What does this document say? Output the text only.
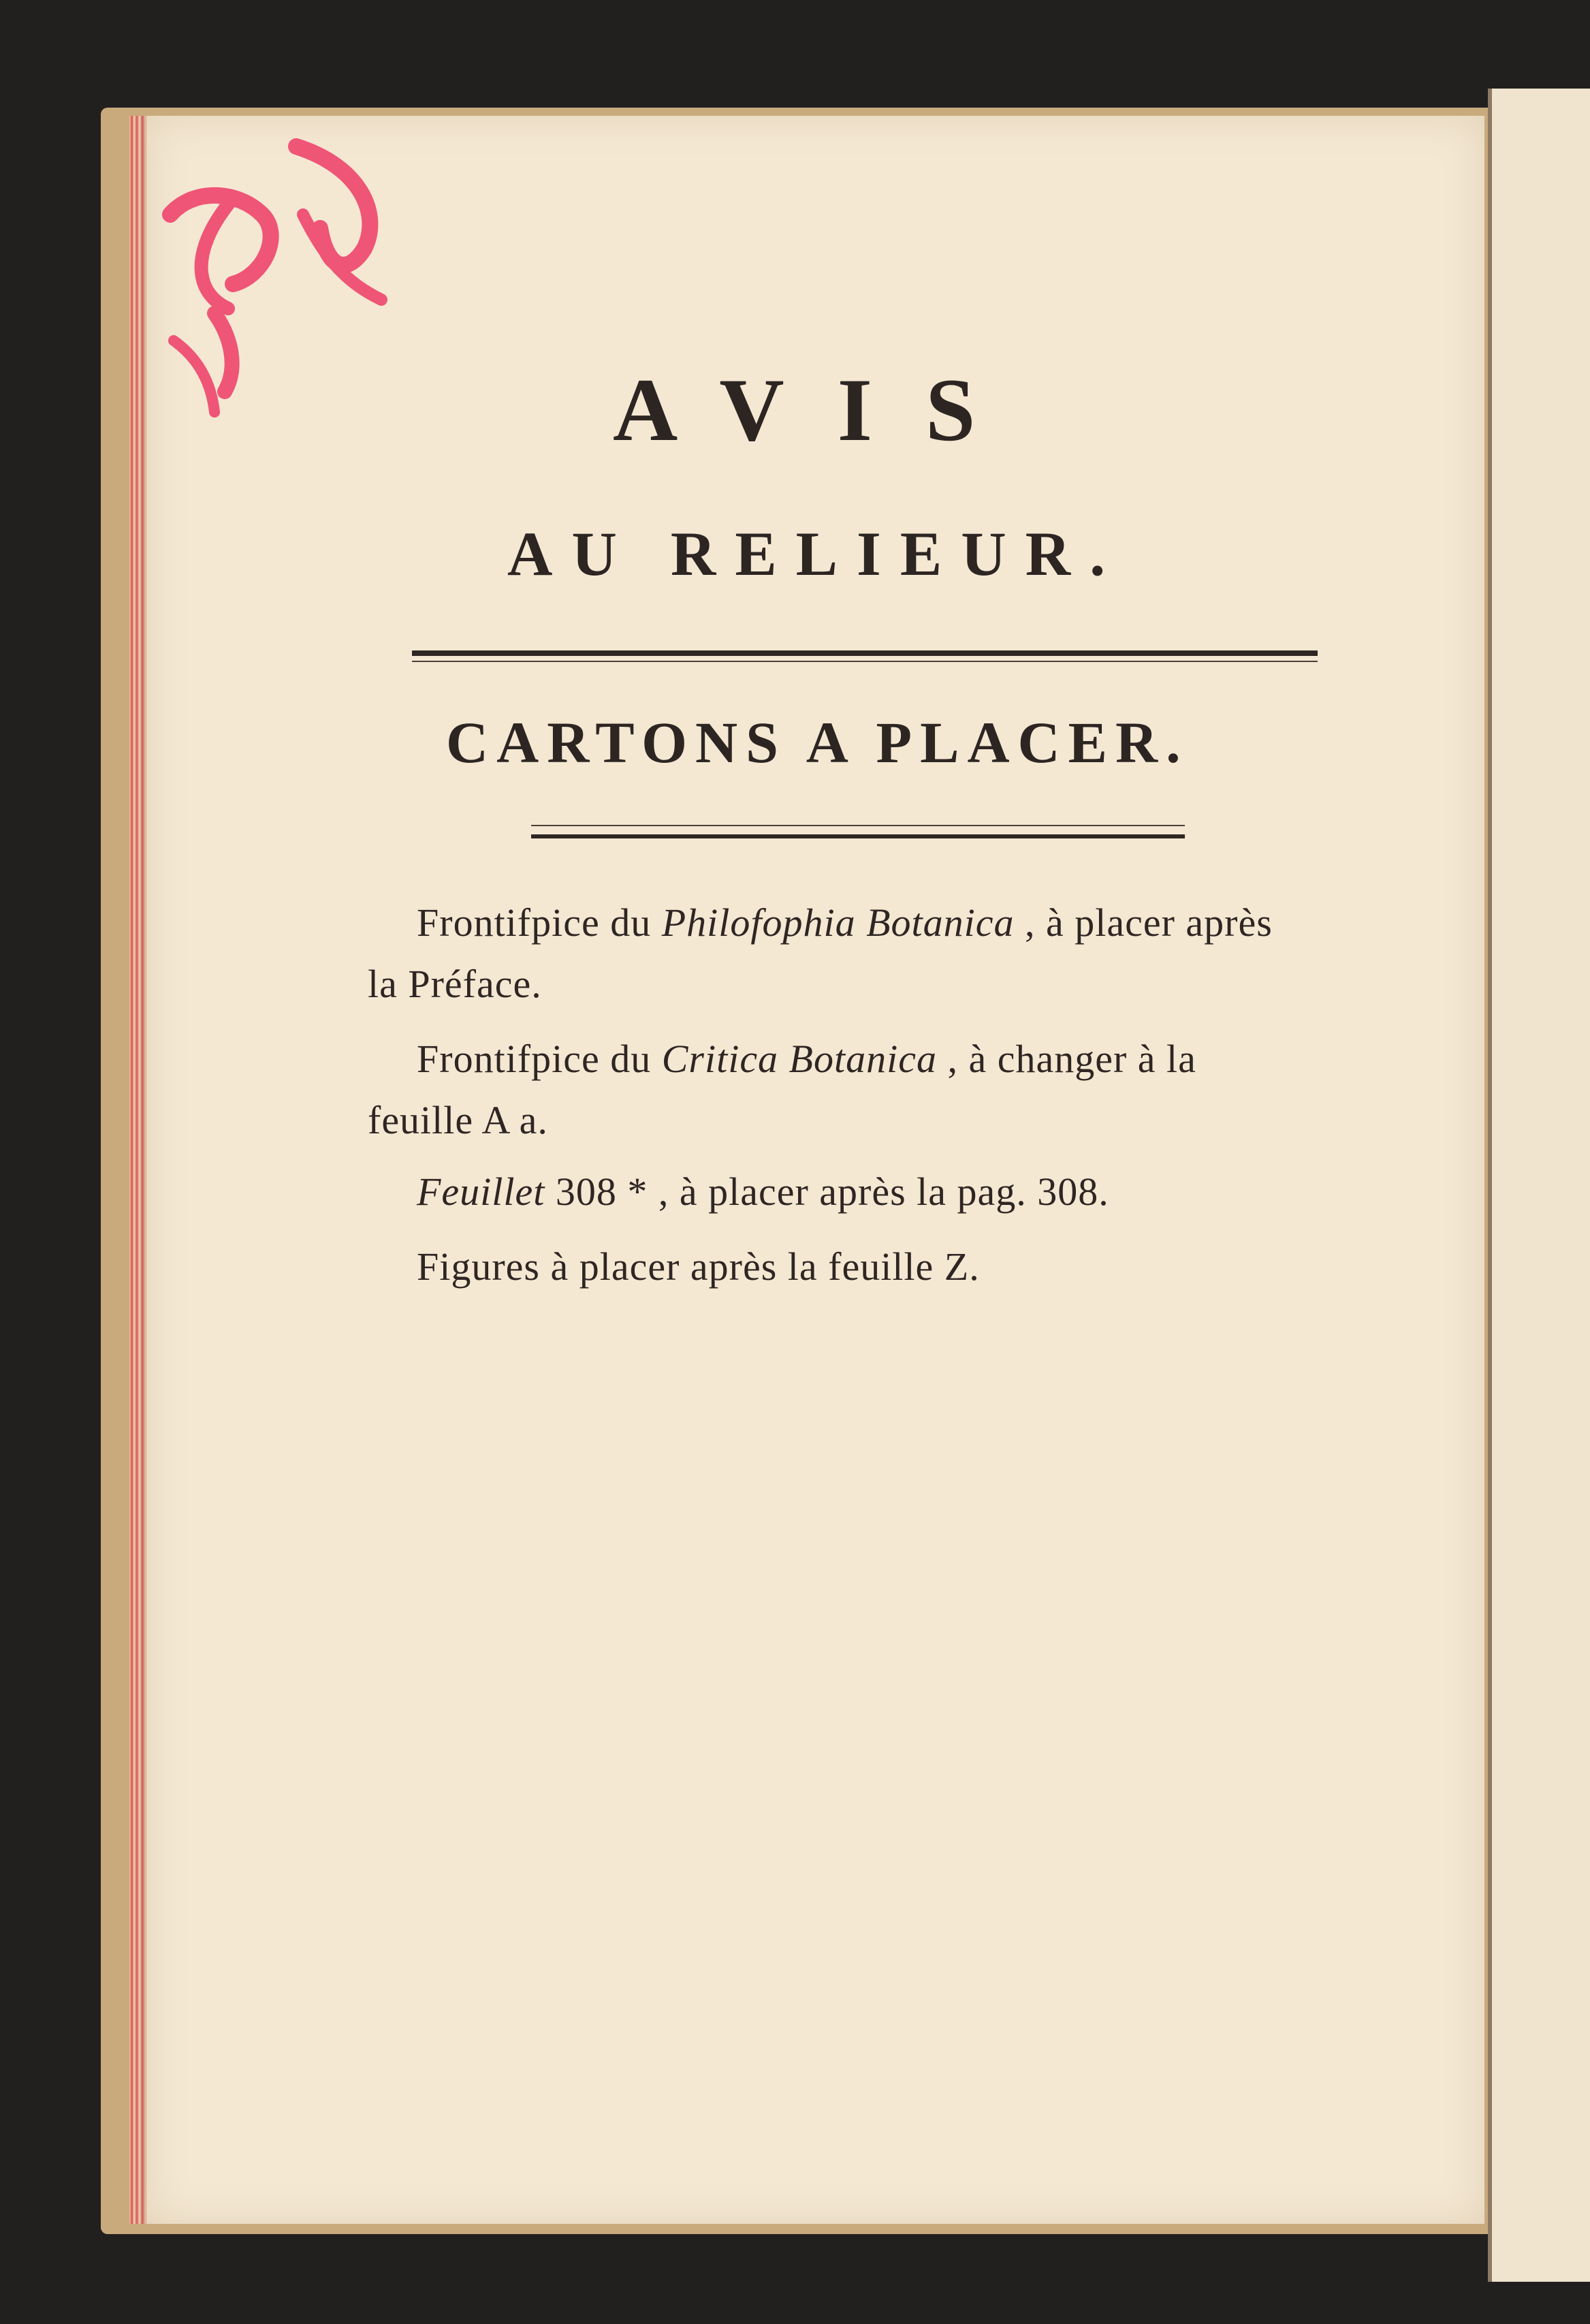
AVIS
AU RELIEUR.
CARTONS A PLACER.
Frontifpice du Philofophia Botanica , à placer après
la Préface.
Frontifpice du Critica Botanica , à changer à la
feuille A a.
Feuillet 308 * , à placer après la pag. 308.
Figures à placer après la feuille Z.
